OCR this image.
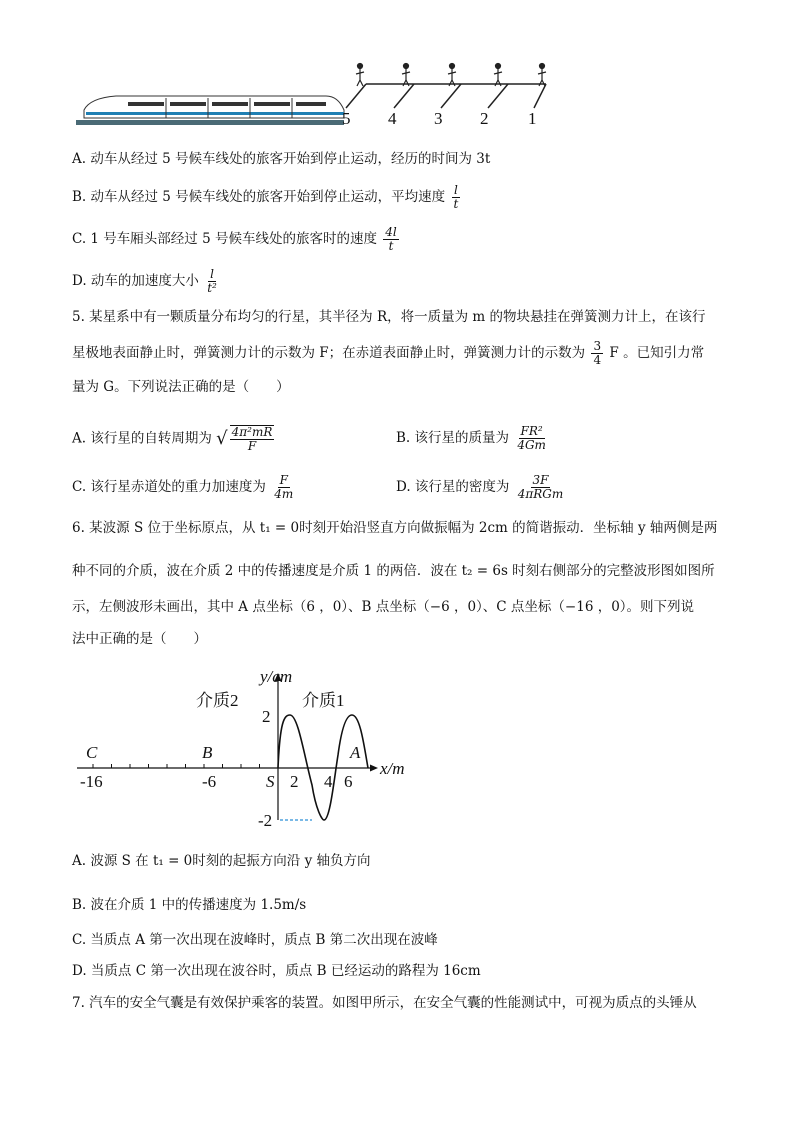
5 4 3 2 1
A. 动车从经过 5 号候车线处的旅客开始到停止运动，经历的时间为 3t
B. 动车从经过 5 号候车线处的旅客开始到停止运动，平均速度 $\frac{l}{t}$
C. 1 号车厢头部经过 5 号候车线处的旅客时的速度 $\frac{4l}{t}$
D. 动车的加速度大小 $\frac{l}{\text{t²}}$
5. 某星系中有一颗质量分布均匀的行星，其半径为 R，将一质量为 m 的物块悬挂在弹簧测力计上，在该行
星极地表面静止时，弹簧测力计的示数为 F；在赤道表面静止时，弹簧测力计的示数为 $\frac{3}{4}$ F 。已知引力常
量为 G。下列说法正确的是（　　）
A. 该行星的自转周期为 √ $\frac{\text{4π²mR}}{F}$	B. 该行星的质量为 $\frac{\text{FR²}}{4Gm}$
C. 该行星赤道处的重力加速度为 $\frac{F}{4m}$	D. 该行星的密度为 $\frac{3F}{\text{4πRGm}}$
6. 某波源 S 位于坐标原点，从 t₁ = 0时刻开始沿竖直方向做振幅为 2cm 的简谐振动．坐标轴 y 轴两侧是两
种不同的介质，波在介质 2 中的传播速度是介质 1 的两倍．波在 t₂ = 6s 时刻右侧部分的完整波形图如图所
示，左侧波形未画出，其中 A 点坐标（6 ，0）、B 点坐标（−6 ，0）、C 点坐标（−16 ，0）。则下列说
法中正确的是（　　）
y/cm
x/m
介质2	介质1
C	B
S
A
-16	-6	2 4 6
2
-2
A. 波源 S 在 t₁ = 0时刻的起振方向沿 y 轴负方向
B. 波在介质 1 中的传播速度为 1.5m/s
C. 当质点 A 第一次出现在波峰时，质点 B 第二次出现在波峰
D. 当质点 C 第一次出现在波谷时，质点 B 已经运动的路程为 16cm
7. 汽车的安全气囊是有效保护乘客的装置。如图甲所示，在安全气囊的性能测试中，可视为质点的头锤从
